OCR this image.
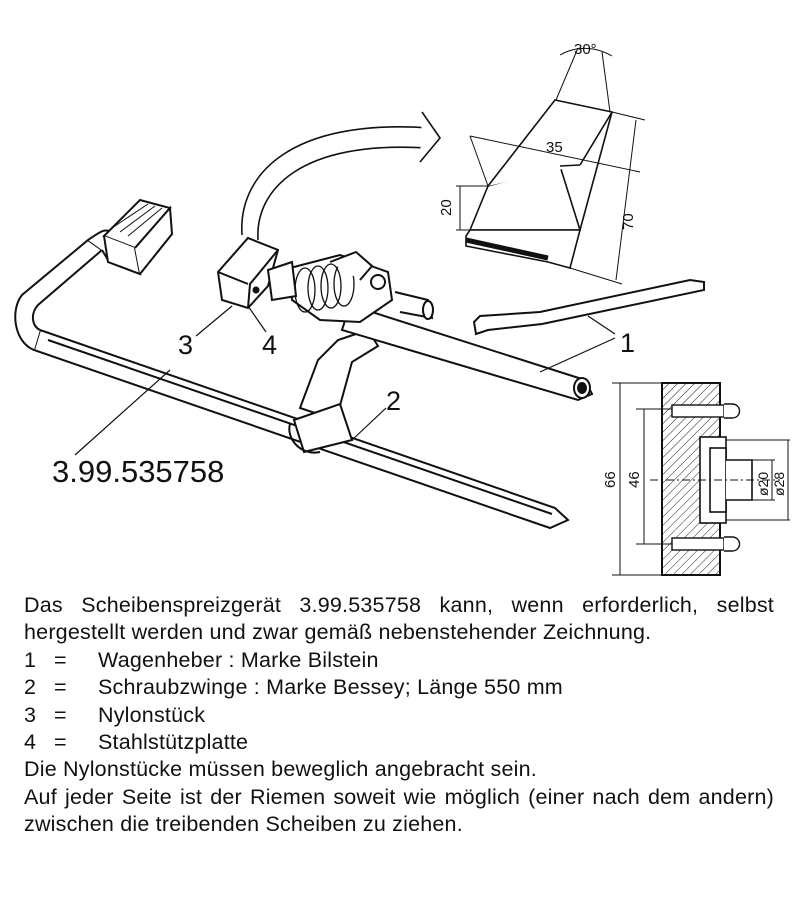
3.99.535758
1
2
3	4
30°
35
20
70
66 46	ø20 ø28

Das Scheibenspreizgerät 3.99.535758 kann, wenn erforderlich, selbst hergestellt werden und zwar gemäß nebenstehender Zeichnung.

1 =	Wagenheber : Marke Bilstein
2 =	Schraubzwinge : Marke Bessey; Länge 550 mm
3 =	Nylonstück
4 =	Stahlstützplatte

Die Nylonstücke müssen beweglich angebracht sein.

Auf jeder Seite ist der Riemen soweit wie möglich (einer nach dem andern) zwischen die treibenden Scheiben zu ziehen.
